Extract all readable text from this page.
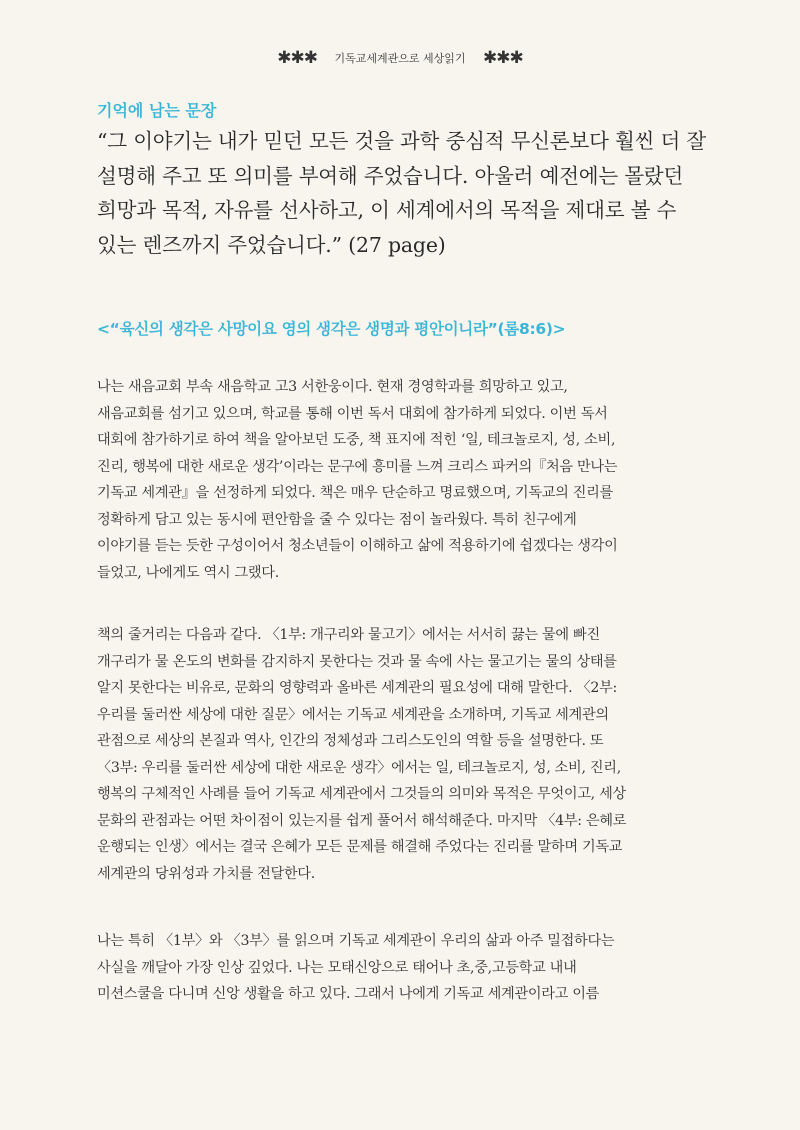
✱✱✱ 기독교세계관으로 세상읽기 ✱✱✱
기억에 남는 문장
“그 이야기는 내가 믿던 모든 것을 과학 중심적 무신론보다 훨씬 더 잘
설명해 주고 또 의미를 부여해 주었습니다. 아울러 예전에는 몰랐던
희망과 목적, 자유를 선사하고, 이 세계에서의 목적을 제대로 볼 수
있는 렌즈까지 주었습니다.” (27 page)
<“육신의 생각은 사망이요 영의 생각은 생명과 평안이니라”(롬8:6)>
나는 새음교회 부속 새음학교 고3 서한웅이다. 현재 경영학과를 희망하고 있고,
새음교회를 섬기고 있으며, 학교를 통해 이번 독서 대회에 참가하게 되었다. 이번 독서
대회에 참가하기로 하여 책을 알아보던 도중, 책 표지에 적힌 ‘일, 테크놀로지, 성, 소비,
진리, 행복에 대한 새로운 생각’이라는 문구에 흥미를 느껴 크리스 파커의『처음 만나는
기독교 세계관』을 선정하게 되었다. 책은 매우 단순하고 명료했으며, 기독교의 진리를
정확하게 담고 있는 동시에 편안함을 줄 수 있다는 점이 놀라웠다. 특히 친구에게
이야기를 듣는 듯한 구성이어서 청소년들이 이해하고 삶에 적용하기에 쉽겠다는 생각이
들었고, 나에게도 역시 그랬다.
책의 줄거리는 다음과 같다. 〈1부: 개구리와 물고기〉에서는 서서히 끓는 물에 빠진
개구리가 물 온도의 변화를 감지하지 못한다는 것과 물 속에 사는 물고기는 물의 상태를
알지 못한다는 비유로, 문화의 영향력과 올바른 세계관의 필요성에 대해 말한다. 〈2부:
우리를 둘러싼 세상에 대한 질문〉에서는 기독교 세계관을 소개하며, 기독교 세계관의
관점으로 세상의 본질과 역사, 인간의 정체성과 그리스도인의 역할 등을 설명한다. 또
〈3부: 우리를 둘러싼 세상에 대한 새로운 생각〉에서는 일, 테크놀로지, 성, 소비, 진리,
행복의 구체적인 사례를 들어 기독교 세계관에서 그것들의 의미와 목적은 무엇이고, 세상
문화의 관점과는 어떤 차이점이 있는지를 쉽게 풀어서 해석해준다. 마지막 〈4부: 은혜로
운행되는 인생〉에서는 결국 은혜가 모든 문제를 해결해 주었다는 진리를 말하며 기독교
세계관의 당위성과 가치를 전달한다.
나는 특히 〈1부〉와 〈3부〉를 읽으며 기독교 세계관이 우리의 삶과 아주 밀접하다는
사실을 깨달아 가장 인상 깊었다. 나는 모태신앙으로 태어나 초,중,고등학교 내내
미션스쿨을 다니며 신앙 생활을 하고 있다. 그래서 나에게 기독교 세계관이라고 이름
